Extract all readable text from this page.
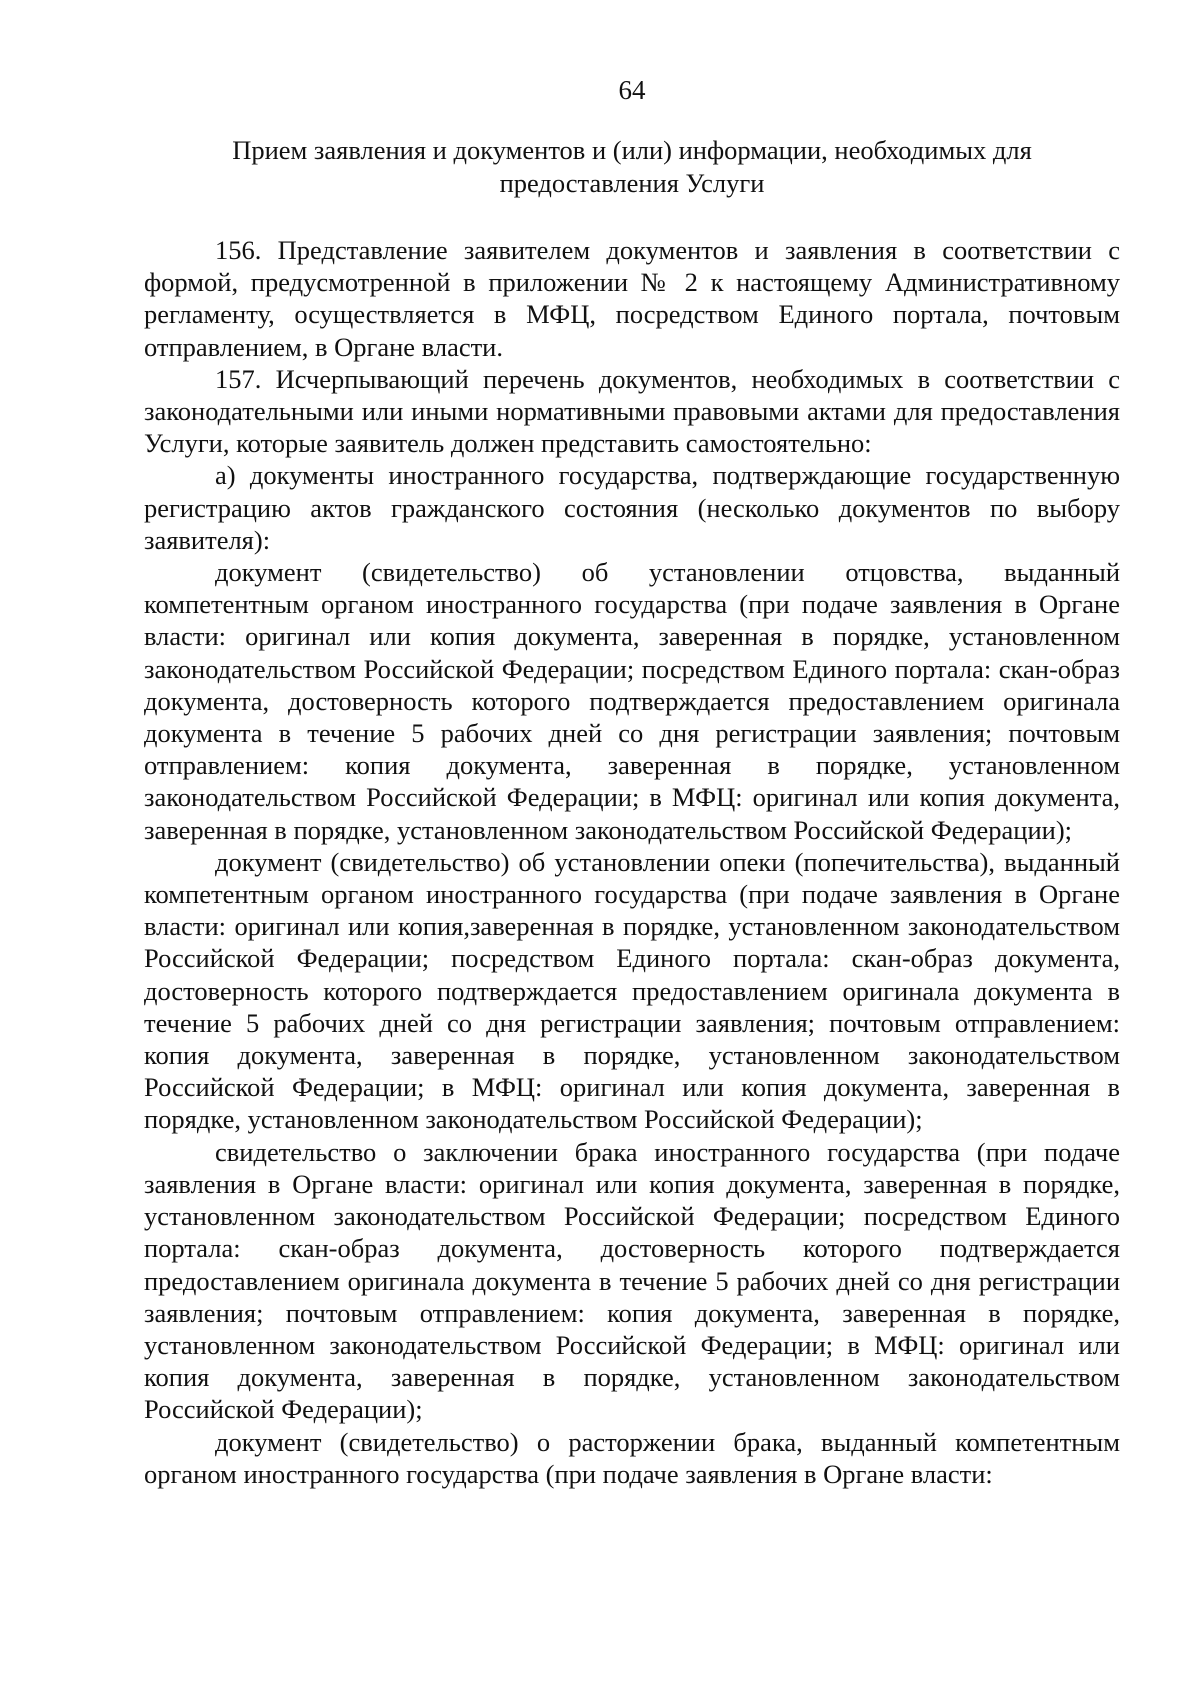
64
Прием заявления и документов и (или) информации, необходимых для
предоставления Услуги

156. Представление заявителем документов и заявления в соответствии с формой, предусмотренной в приложении № 2 к настоящему Административному регламенту, осуществляется в МФЦ, посредством Единого портала, почтовым отправлением, в Органе власти.

157. Исчерпывающий перечень документов, необходимых в соответствии с законодательными или иными нормативными правовыми актами для предоставления Услуги, которые заявитель должен представить самостоятельно:

а) документы иностранного государства, подтверждающие государственную регистрацию актов гражданского состояния (несколько документов по выбору заявителя):

документ (свидетельство) об установлении отцовства, выданный компетентным органом иностранного государства (при подаче заявления в Органе власти: оригинал или копия документа, заверенная в порядке, установленном законодательством Российской Федерации; посредством Единого портала: скан-образ документа, достоверность которого подтверждается предоставлением оригинала документа в течение 5 рабочих дней со дня регистрации заявления; почтовым отправлением: копия документа, заверенная в порядке, установленном законодательством Российской Федерации; в МФЦ: оригинал или копия документа, заверенная в порядке, установленном законодательством Российской Федерации);

документ (свидетельство) об установлении опеки (попечительства), выданный компетентным органом иностранного государства (при подаче заявления в Органе власти: оригинал или копия,заверенная в порядке, установленном законодательством Российской Федерации; посредством Единого портала: скан-образ документа, достоверность которого подтверждается предоставлением оригинала документа в течение 5 рабочих дней со дня регистрации заявления; почтовым отправлением: копия документа, заверенная в порядке, установленном законодательством Российской Федерации; в МФЦ: оригинал или копия документа, заверенная в порядке, установленном законодательством Российской Федерации);

свидетельство о заключении брака иностранного государства (при подаче заявления в Органе власти: оригинал или копия документа, заверенная в порядке, установленном законодательством Российской Федерации; посредством Единого портала: скан-образ документа, достоверность которого подтверждается предоставлением оригинала документа в течение 5 рабочих дней со дня регистрации заявления; почтовым отправлением: копия документа, заверенная в порядке, установленном законодательством Российской Федерации; в МФЦ: оригинал или копия документа, заверенная в порядке, установленном законодательством Российской Федерации);

документ (свидетельство) о расторжении брака, выданный компетентным органом иностранного государства (при подаче заявления в Органе власти:
